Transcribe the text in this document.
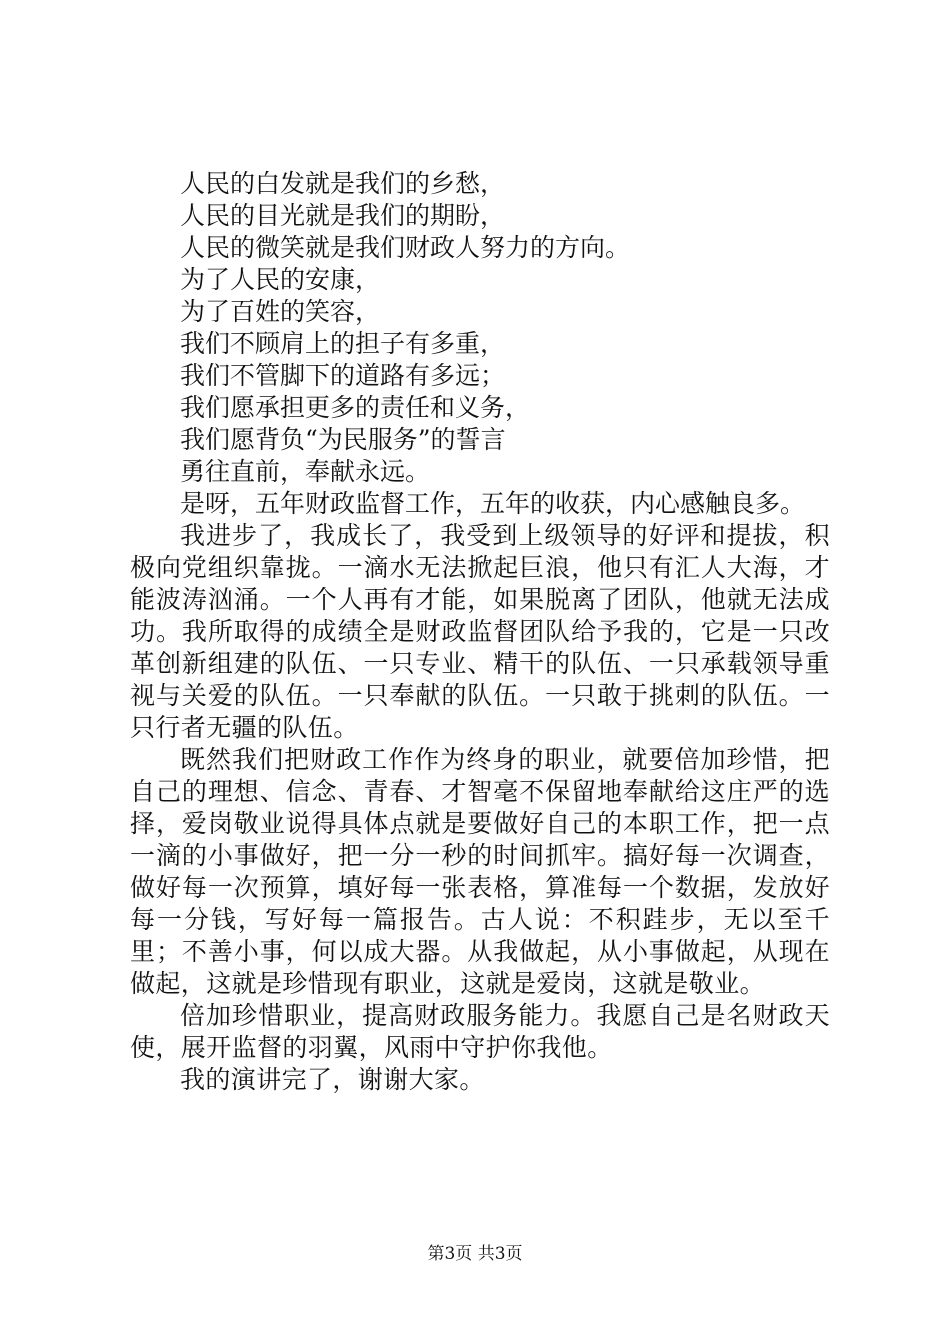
人民的白发就是我们的乡愁，
人民的目光就是我们的期盼，
人民的微笑就是我们财政人努力的方向。
为了人民的安康，
为了百姓的笑容，
我们不顾肩上的担子有多重，
我们不管脚下的道路有多远；
我们愿承担更多的责任和义务，
我们愿背负“为民服务”的誓言
勇往直前，奉献永远。
是呀，五年财政监督工作，五年的收获，内心感触良多。

我进步了，我成长了，我受到上级领导的好评和提拔，积极向党组织靠拢。一滴水无法掀起巨浪，他只有汇人大海，才能波涛汹涌。一个人再有才能，如果脱离了团队，他就无法成功。我所取得的成绩全是财政监督团队给予我的，它是一只改革创新组建的队伍、一只专业、精干的队伍、一只承载领导重视与关爱的队伍。一只奉献的队伍。一只敢于挑刺的队伍。一只行者无疆的队伍。

既然我们把财政工作作为终身的职业，就要倍加珍惜，把自己的理想、信念、青春、才智毫不保留地奉献给这庄严的选择，爱岗敬业说得具体点就是要做好自己的本职工作，把一点一滴的小事做好，把一分一秒的时间抓牢。搞好每一次调查，做好每一次预算，填好每一张表格，算准每一个数据，发放好每一分钱，写好每一篇报告。古人说：不积跬步，无以至千里；不善小事，何以成大器。从我做起，从小事做起，从现在做起，这就是珍惜现有职业，这就是爱岗，这就是敬业。

倍加珍惜职业，提高财政服务能力。我愿自己是名财政天使，展开监督的羽翼，风雨中守护你我他。

我的演讲完了，谢谢大家。

第3页 共3页
